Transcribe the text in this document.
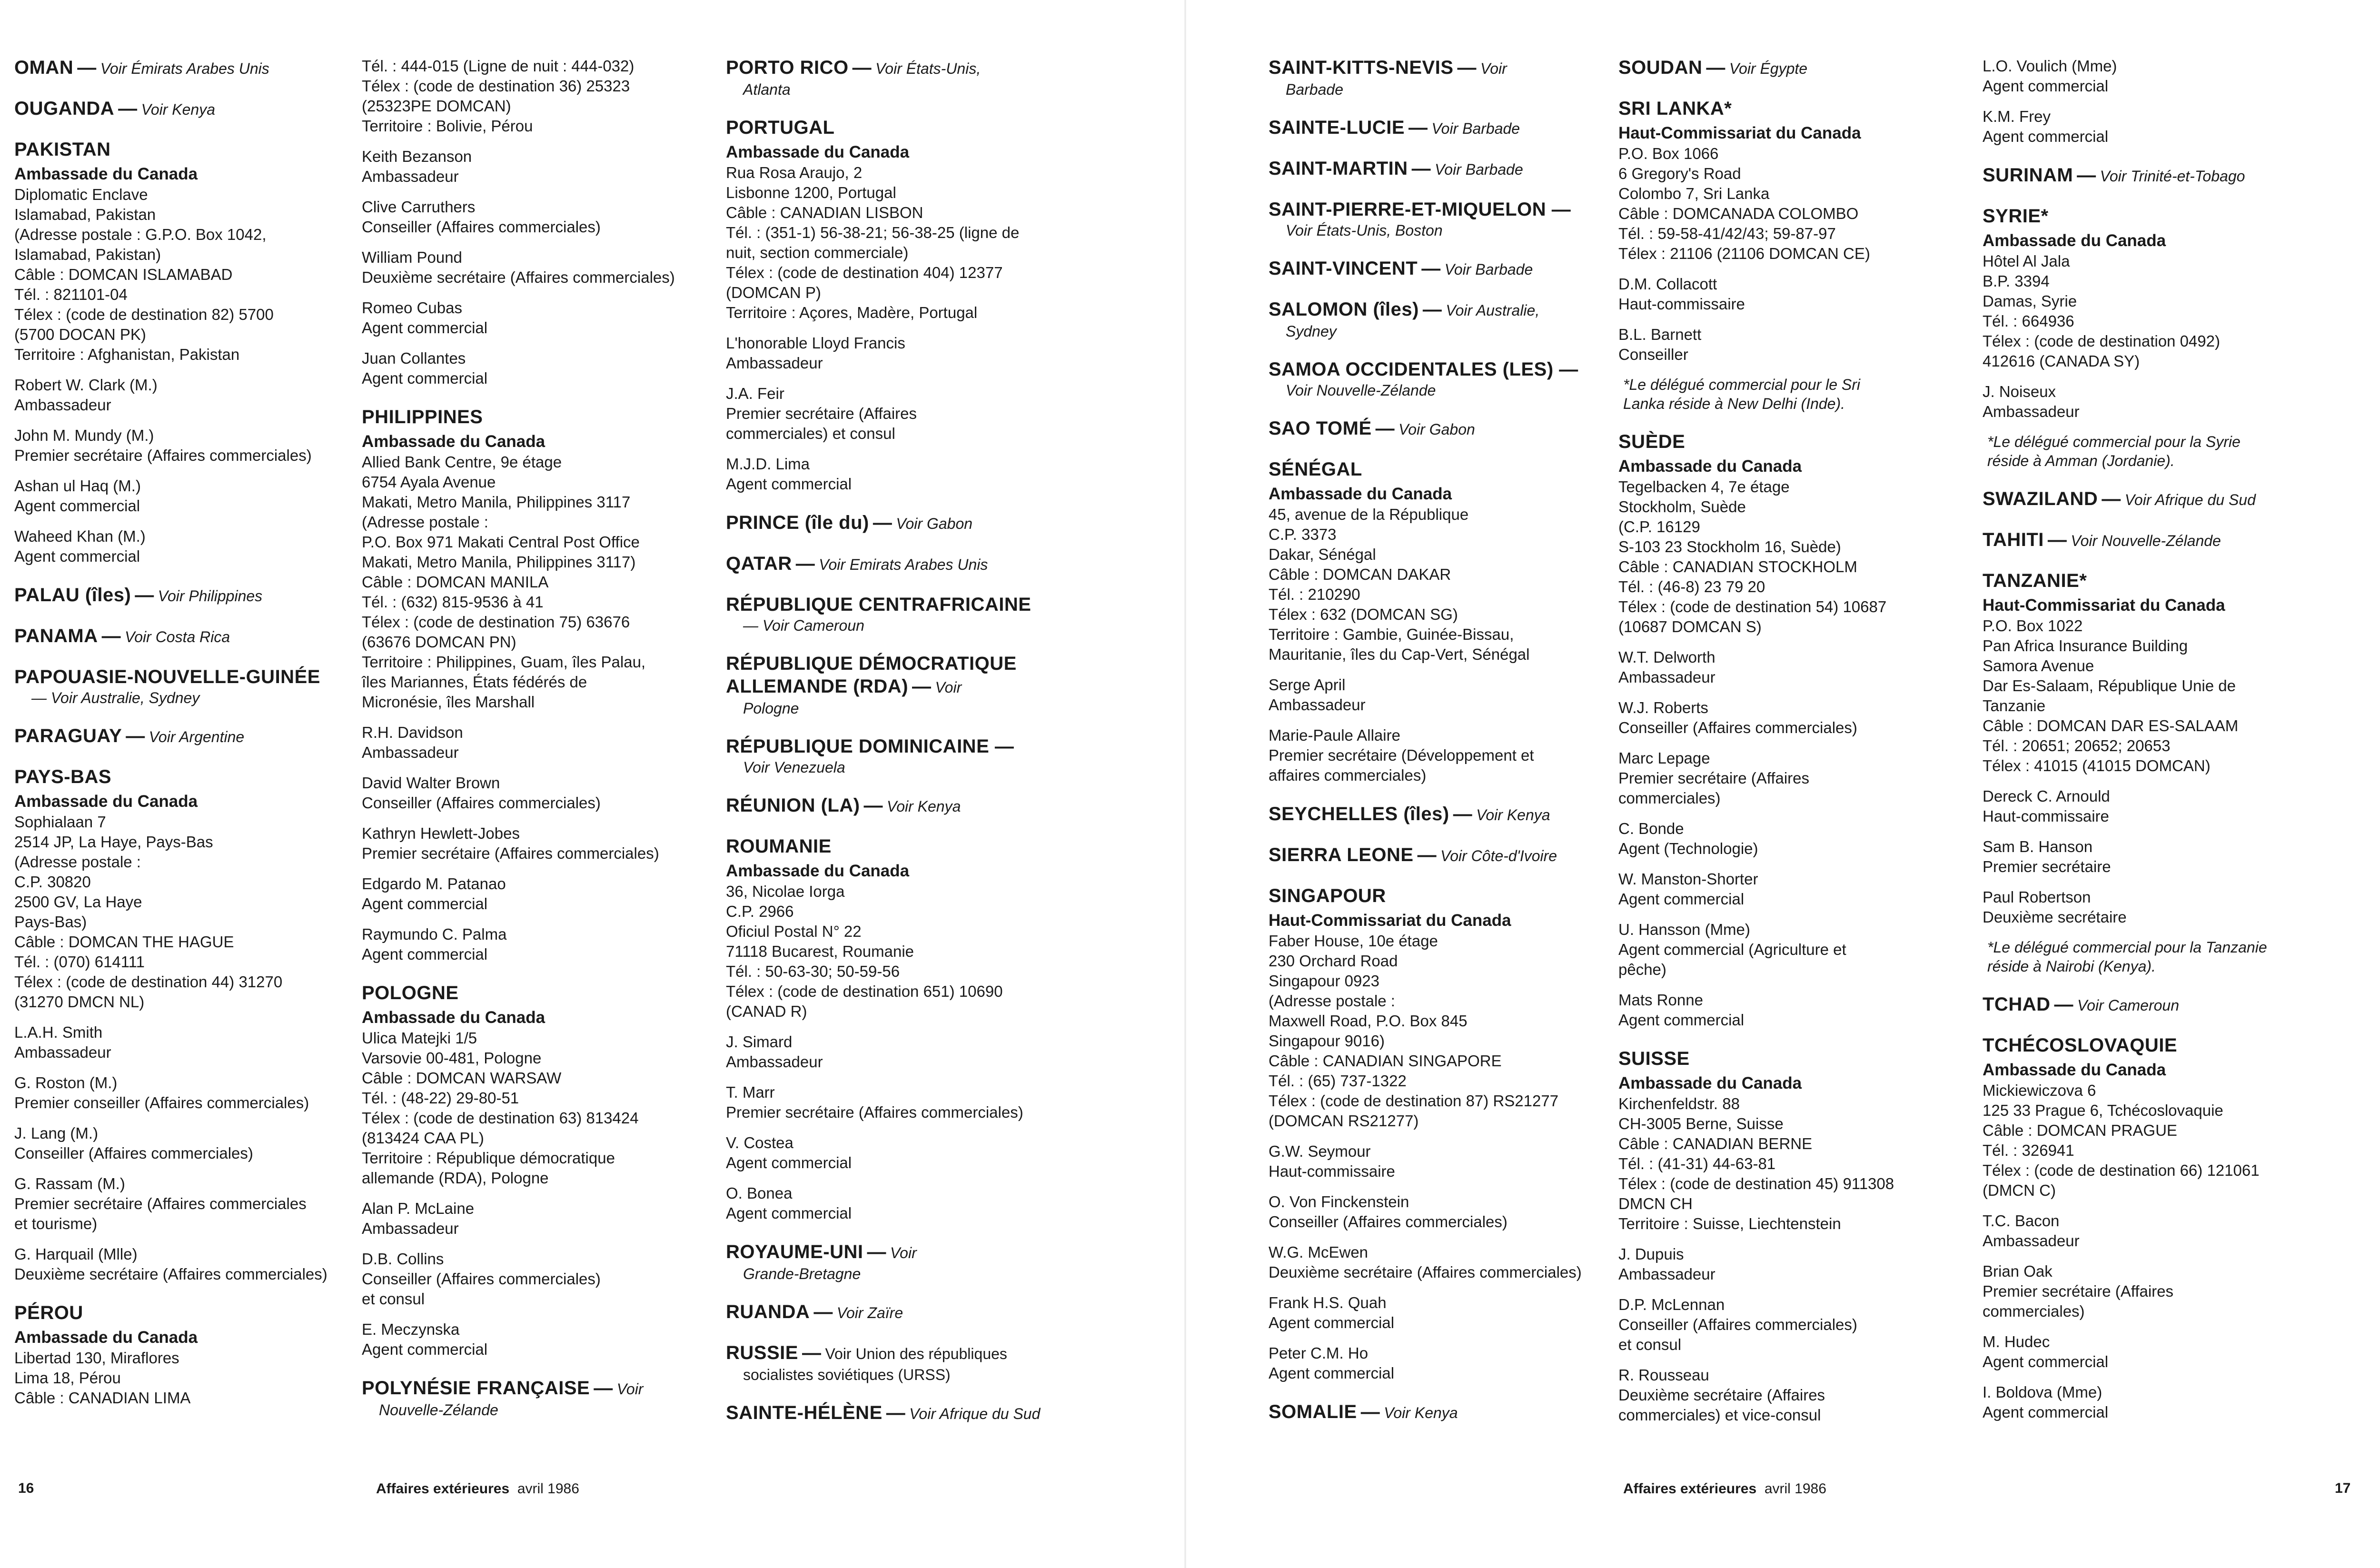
OMAN — Voir Émirats Arabes Unis
OUGANDA — Voir Kenya
PAKISTAN
Ambassade du Canada
Diplomatic Enclave
Islamabad, Pakistan
(Adresse postale : G.P.O. Box 1042,
Islamabad, Pakistan)
Câble : DOMCAN ISLAMABAD
Tél. : 821101-04
Télex : (code de destination 82) 5700
(5700 DOCAN PK)
Territoire : Afghanistan, Pakistan
Robert W. Clark (M.)
Ambassadeur
John M. Mundy (M.)
Premier secrétaire (Affaires commerciales)
Ashan ul Haq (M.)
Agent commercial
Waheed Khan (M.)
Agent commercial
PALAU (îles) — Voir Philippines
PANAMA — Voir Costa Rica
PAPOUASIE-NOUVELLE-GUINÉE
— Voir Australie, Sydney
PARAGUAY — Voir Argentine
PAYS-BAS
Ambassade du Canada
Sophialaan 7
2514 JP, La Haye, Pays-Bas
(Adresse postale :
C.P. 30820
2500 GV, La Haye
Pays-Bas)
Câble : DOMCAN THE HAGUE
Tél. : (070) 614111
Télex : (code de destination 44) 31270
(31270 DMCN NL)
L.A.H. Smith
Ambassadeur
G. Roston (M.)
Premier conseiller (Affaires commerciales)
J. Lang (M.)
Conseiller (Affaires commerciales)
G. Rassam (M.)
Premier secrétaire (Affaires commerciales
et tourisme)
G. Harquail (Mlle)
Deuxième secrétaire (Affaires commerciales)
PÉROU
Ambassade du Canada
Libertad 130, Miraflores
Lima 18, Pérou
Câble : CANADIAN LIMA
Tél. : 444-015 (Ligne de nuit : 444-032)
Télex : (code de destination 36) 25323
(25323PE DOMCAN)
Territoire : Bolivie, Pérou
Keith Bezanson
Ambassadeur
Clive Carruthers
Conseiller (Affaires commerciales)
William Pound
Deuxième secrétaire (Affaires commerciales)
Romeo Cubas
Agent commercial
Juan Collantes
Agent commercial
PHILIPPINES
Ambassade du Canada
Allied Bank Centre, 9e étage
6754 Ayala Avenue
Makati, Metro Manila, Philippines 3117
(Adresse postale :
P.O. Box 971 Makati Central Post Office
Makati, Metro Manila, Philippines 3117)
Câble : DOMCAN MANILA
Tél. : (632) 815-9536 à 41
Télex : (code de destination 75) 63676
(63676 DOMCAN PN)
Territoire : Philippines, Guam, îles Palau,
îles Mariannes, États fédérés de
Micronésie, îles Marshall
R.H. Davidson
Ambassadeur
David Walter Brown
Conseiller (Affaires commerciales)
Kathryn Hewlett-Jobes
Premier secrétaire (Affaires commerciales)
Edgardo M. Patanao
Agent commercial
Raymundo C. Palma
Agent commercial
POLOGNE
Ambassade du Canada
Ulica Matejki 1/5
Varsovie 00-481, Pologne
Câble : DOMCAN WARSAW
Tél. : (48-22) 29-80-51
Télex : (code de destination 63) 813424
(813424 CAA PL)
Territoire : République démocratique
allemande (RDA), Pologne
Alan P. McLaine
Ambassadeur
D.B. Collins
Conseiller (Affaires commerciales)
et consul
E. Meczynska
Agent commercial
POLYNÉSIE FRANÇAISE — Voir
Nouvelle-Zélande
PORTO RICO — Voir États-Unis,
Atlanta
PORTUGAL
Ambassade du Canada
Rua Rosa Araujo, 2
Lisbonne 1200, Portugal
Câble : CANADIAN LISBON
Tél. : (351-1) 56-38-21; 56-38-25 (ligne de
nuit, section commerciale)
Télex : (code de destination 404) 12377
(DOMCAN P)
Territoire : Açores, Madère, Portugal
L'honorable Lloyd Francis
Ambassadeur
J.A. Feir
Premier secrétaire (Affaires
commerciales) et consul
M.J.D. Lima
Agent commercial
PRINCE (île du) — Voir Gabon
QATAR — Voir Emirats Arabes Unis
RÉPUBLIQUE CENTRAFRICAINE
— Voir Cameroun
RÉPUBLIQUE DÉMOCRATIQUE
ALLEMANDE (RDA) — Voir
Pologne
RÉPUBLIQUE DOMINICAINE —
Voir Venezuela
RÉUNION (LA) — Voir Kenya
ROUMANIE
Ambassade du Canada
36, Nicolae Iorga
C.P. 2966
Oficiul Postal N° 22
71118 Bucarest, Roumanie
Tél. : 50-63-30; 50-59-56
Télex : (code de destination 651) 10690
(CANAD R)
J. Simard
Ambassadeur
T. Marr
Premier secrétaire (Affaires commerciales)
V. Costea
Agent commercial
O. Bonea
Agent commercial
ROYAUME-UNI — Voir
Grande-Bretagne
RUANDA — Voir Zaïre
RUSSIE — Voir Union des républiques
socialistes soviétiques (URSS)
SAINTE-HÉLÈNE — Voir Afrique du Sud
Affaires extérieures avril 1986
16
SAINT-KITTS-NEVIS — Voir
Barbade
SAINTE-LUCIE — Voir Barbade
SAINT-MARTIN — Voir Barbade
SAINT-PIERRE-ET-MIQUELON —
Voir États-Unis, Boston
SAINT-VINCENT — Voir Barbade
SALOMON (îles) — Voir Australie,
Sydney
SAMOA OCCIDENTALES (LES) —
Voir Nouvelle-Zélande
SAO TOMÉ — Voir Gabon
SÉNÉGAL
Ambassade du Canada
45, avenue de la République
C.P. 3373
Dakar, Sénégal
Câble : DOMCAN DAKAR
Tél. : 210290
Télex : 632 (DOMCAN SG)
Territoire : Gambie, Guinée-Bissau,
Mauritanie, îles du Cap-Vert, Sénégal
Serge April
Ambassadeur
Marie-Paule Allaire
Premier secrétaire (Développement et
affaires commerciales)
SEYCHELLES (îles) — Voir Kenya
SIERRA LEONE — Voir Côte-d'Ivoire
SINGAPOUR
Haut-Commissariat du Canada
Faber House, 10e étage
230 Orchard Road
Singapour 0923
(Adresse postale :
Maxwell Road, P.O. Box 845
Singapour 9016)
Câble : CANADIAN SINGAPORE
Tél. : (65) 737-1322
Télex : (code de destination 87) RS21277
(DOMCAN RS21277)
G.W. Seymour
Haut-commissaire
O. Von Finckenstein
Conseiller (Affaires commerciales)
W.G. McEwen
Deuxième secrétaire (Affaires commerciales)
Frank H.S. Quah
Agent commercial
Peter C.M. Ho
Agent commercial
SOMALIE — Voir Kenya
SOUDAN — Voir Égypte
SRI LANKA*
Haut-Commissariat du Canada
P.O. Box 1066
6 Gregory's Road
Colombo 7, Sri Lanka
Câble : DOMCANADA COLOMBO
Tél. : 59-58-41/42/43; 59-87-97
Télex : 21106 (21106 DOMCAN CE)
D.M. Collacott
Haut-commissaire
B.L. Barnett
Conseiller
*Le délégué commercial pour le Sri
Lanka réside à New Delhi (Inde).
SUÈDE
Ambassade du Canada
Tegelbacken 4, 7e étage
Stockholm, Suède
(C.P. 16129
S-103 23 Stockholm 16, Suède)
Câble : CANADIAN STOCKHOLM
Tél. : (46-8) 23 79 20
Télex : (code de destination 54) 10687
(10687 DOMCAN S)
W.T. Delworth
Ambassadeur
W.J. Roberts
Conseiller (Affaires commerciales)
Marc Lepage
Premier secrétaire (Affaires
commerciales)
C. Bonde
Agent (Technologie)
W. Manston-Shorter
Agent commercial
U. Hansson (Mme)
Agent commercial (Agriculture et
pêche)
Mats Ronne
Agent commercial
SUISSE
Ambassade du Canada
Kirchenfeldstr. 88
CH-3005 Berne, Suisse
Câble : CANADIAN BERNE
Tél. : (41-31) 44-63-81
Télex : (code de destination 45) 911308
DMCN CH
Territoire : Suisse, Liechtenstein
J. Dupuis
Ambassadeur
D.P. McLennan
Conseiller (Affaires commerciales)
et consul
R. Rousseau
Deuxième secrétaire (Affaires
commerciales) et vice-consul
L.O. Voulich (Mme)
Agent commercial
K.M. Frey
Agent commercial
SURINAM — Voir Trinité-et-Tobago
SYRIE*
Ambassade du Canada
Hôtel Al Jala
B.P. 3394
Damas, Syrie
Tél. : 664936
Télex : (code de destination 0492)
412616 (CANADA SY)
J. Noiseux
Ambassadeur
*Le délégué commercial pour la Syrie
réside à Amman (Jordanie).
SWAZILAND — Voir Afrique du Sud
TAHITI — Voir Nouvelle-Zélande
TANZANIE*
Haut-Commissariat du Canada
P.O. Box 1022
Pan Africa Insurance Building
Samora Avenue
Dar Es-Salaam, République Unie de
Tanzanie
Câble : DOMCAN DAR ES-SALAAM
Tél. : 20651; 20652; 20653
Télex : 41015 (41015 DOMCAN)
Dereck C. Arnould
Haut-commissaire
Sam B. Hanson
Premier secrétaire
Paul Robertson
Deuxième secrétaire
*Le délégué commercial pour la Tanzanie
réside à Nairobi (Kenya).
TCHAD — Voir Cameroun
TCHÉCOSLOVAQUIE
Ambassade du Canada
Mickiewiczova 6
125 33 Prague 6, Tchécoslovaquie
Câble : DOMCAN PRAGUE
Tél. : 326941
Télex : (code de destination 66) 121061
(DMCN C)
T.C. Bacon
Ambassadeur
Brian Oak
Premier secrétaire (Affaires
commerciales)
M. Hudec
Agent commercial
I. Boldova (Mme)
Agent commercial
Affaires extérieures avril 1986	17
